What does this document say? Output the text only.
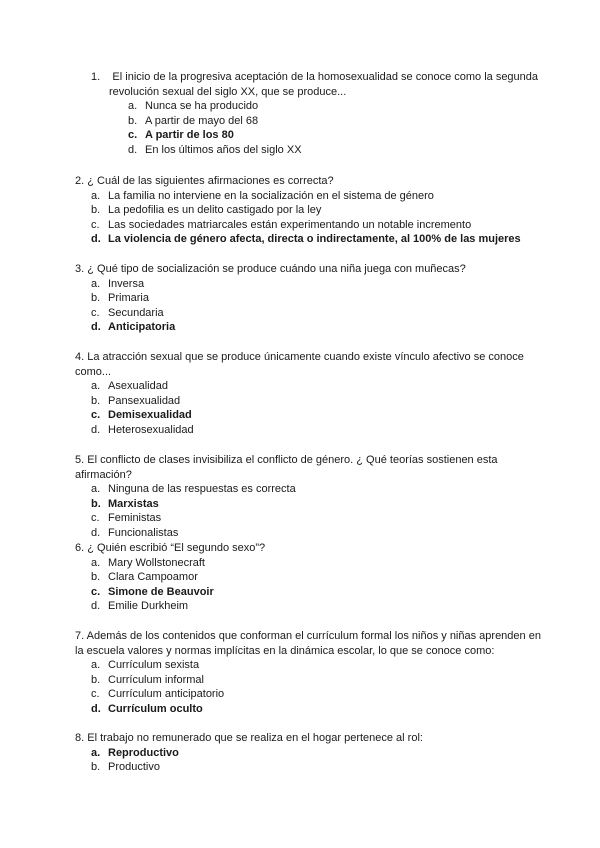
1. El inicio de la progresiva aceptación de la homosexualidad se conoce como la segunda revolución sexual del siglo XX, que se produce...

a. Nunca se ha producido
b. A partir de mayo del 68
c. A partir de los 80
d. En los últimos años del siglo XX

2. ¿ Cuál de las siguientes afirmaciones es correcta?

a. La familia no interviene en la socialización en el sistema de género
b. La pedofilia es un delito castigado por la ley
c. Las sociedades matriarcales están experimentando un notable incremento
d. La violencia de género afecta, directa o indirectamente, al 100% de las mujeres

3. ¿ Qué tipo de socialización se produce cuándo una niña juega con muñecas?

a. Inversa
b. Primaria
c. Secundaria
d. Anticipatoria

4. La atracción sexual que se produce únicamente cuando existe vínculo afectivo se conoce como...

a. Asexualidad
b. Pansexualidad
c. Demisexualidad
d. Heterosexualidad

5. El conflicto de clases invisibiliza el conflicto de género. ¿ Qué teorías sostienen esta afirmación?

a. Ninguna de las respuestas es correcta
b. Marxistas
c. Feministas
d. Funcionalistas

6. ¿ Quién escribió “El segundo sexo”?

a. Mary Wollstonecraft
b. Clara Campoamor
c. Simone de Beauvoir
d. Emilie Durkheim

7. Además de los contenidos que conforman el currículum formal los niños y niñas aprenden en la escuela valores y normas implícitas en la dinámica escolar, lo que se conoce como:

a. Currículum sexista
b. Currículum informal
c. Currículum anticipatorio
d. Currículum oculto

8. El trabajo no remunerado que se realiza en el hogar pertenece al rol:

a. Reproductivo
b. Productivo
